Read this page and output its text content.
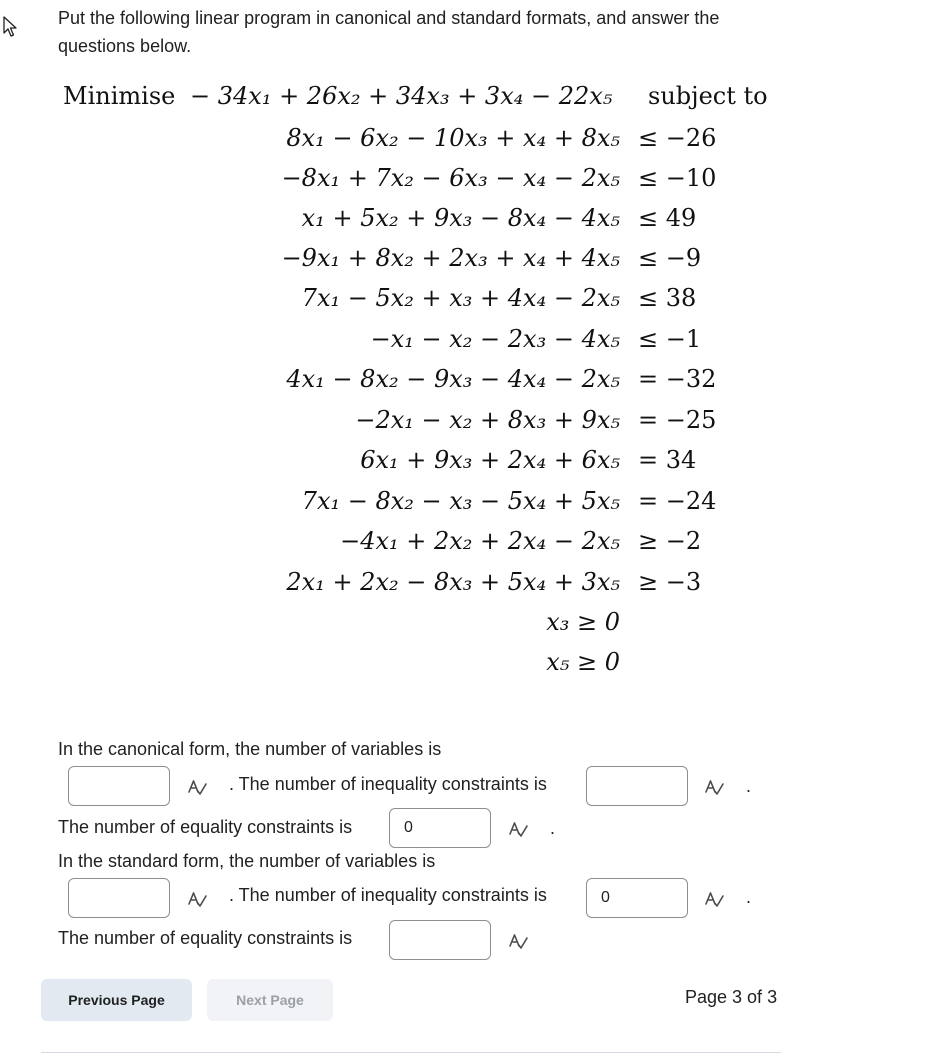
Put the following linear program in canonical and standard formats, and answer the questions below.
Minimise − 34x₁ + 26x₂ + 34x₃ + 3x₄ − 22x₅ subject to
8x₁ − 6x₂ − 10x₃ + x₄ + 8x₅ ≤ −26
−8x₁ + 7x₂ − 6x₃ − x₄ − 2x₅ ≤ −10
x₁ + 5x₂ + 9x₃ − 8x₄ − 4x₅ ≤ 49
−9x₁ + 8x₂ + 2x₃ + x₄ + 4x₅ ≤ −9
7x₁ − 5x₂ + x₃ + 4x₄ − 2x₅ ≤ 38
−x₁ − x₂ − 2x₃ − 4x₅ ≤ −1
4x₁ − 8x₂ − 9x₃ − 4x₄ − 2x₅ = −32
−2x₁ − x₂ + 8x₃ + 9x₅ = −25
6x₁ + 9x₃ + 2x₄ + 6x₅ = 34
7x₁ − 8x₂ − x₃ − 5x₄ + 5x₅ = −24
−4x₁ + 2x₂ + 2x₄ − 2x₅ ≥ −2
2x₁ + 2x₂ − 8x₃ + 5x₄ + 3x₅ ≥ −3
x₃ ≥ 0
x₅ ≥ 0
In the canonical form, the number of variables is
. The number of inequality constraints is	.
The number of equality constraints is	0	.
In the standard form, the number of variables is
. The number of inequality constraints is	0	.
The number of equality constraints is
Previous Page	Next Page	Page 3 of 3
